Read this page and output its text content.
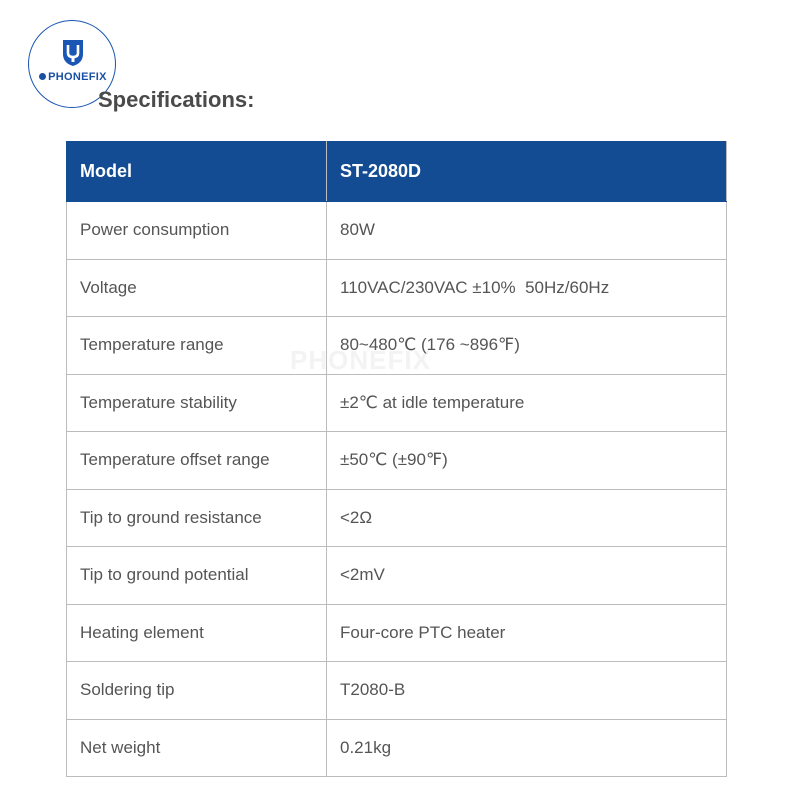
PHONEFIX
Specifications:
PHONEFIX
Model	ST-2080D
Power consumption	80W
Voltage	110VAC/230VAC ±10%  50Hz/60Hz
Temperature range	80~480℃ (176 ~896℉)
Temperature stability	±2℃ at idle temperature
Temperature offset range	±50℃ (±90℉)
Tip to ground resistance	<2Ω
Tip to ground potential	<2mV
Heating element	Four-core PTC heater
Soldering tip	T2080-B
Net weight	0.21kg
